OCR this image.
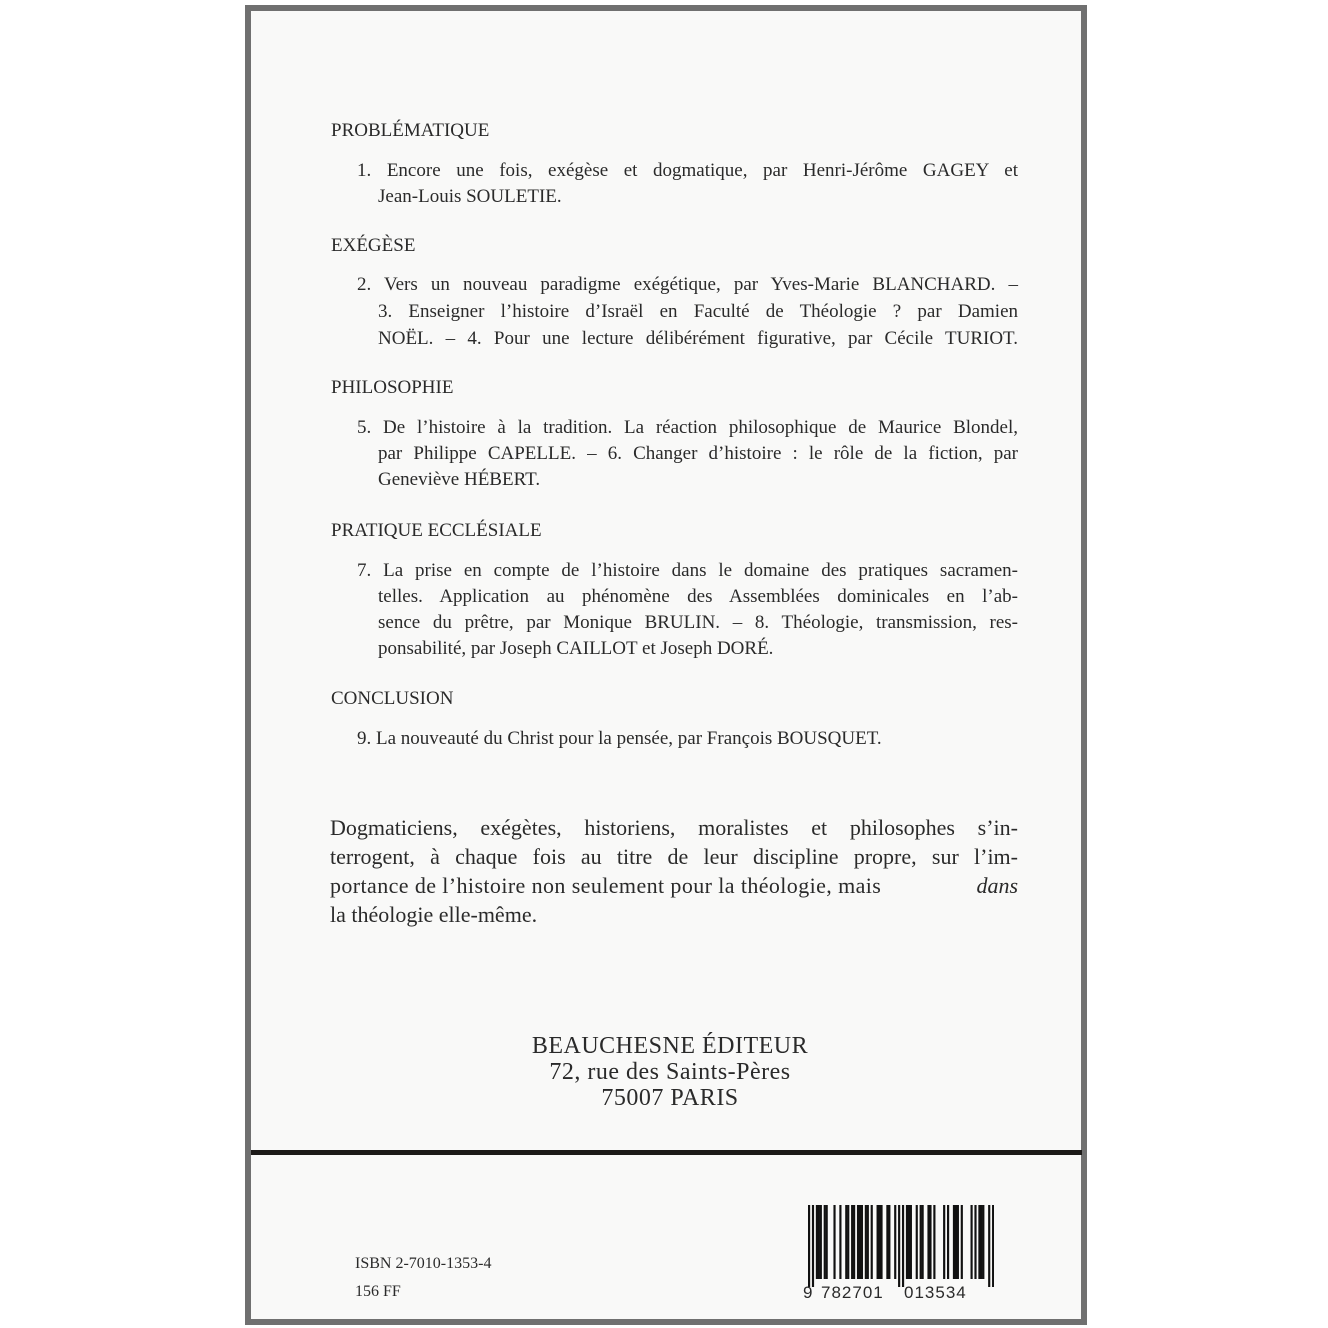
PROBLÉMATIQUE
1. Encore une fois, exégèse et dogmatique, par Henri-Jérôme GAGEY et
Jean-Louis SOULETIE.
EXÉGÈSE
2. Vers un nouveau paradigme exégétique, par Yves-Marie BLANCHARD. –
3. Enseigner l’histoire d’Israël en Faculté de Théologie ? par Damien
NOËL. – 4. Pour une lecture délibérément figurative, par Cécile TURIOT.
PHILOSOPHIE
5. De l’histoire à la tradition. La réaction philosophique de Maurice Blondel,
par Philippe CAPELLE. – 6. Changer d’histoire : le rôle de la fiction, par
Geneviève HÉBERT.
PRATIQUE ECCLÉSIALE
7. La prise en compte de l’histoire dans le domaine des pratiques sacramen-
telles. Application au phénomène des Assemblées dominicales en l’ab-
sence du prêtre, par Monique BRULIN. – 8. Théologie, transmission, res-
ponsabilité, par Joseph CAILLOT et Joseph DORÉ.
CONCLUSION
9. La nouveauté du Christ pour la pensée, par François BOUSQUET.
Dogmaticiens, exégètes, historiens, moralistes et philosophes s’in-
terrogent, à chaque fois au titre de leur discipline propre, sur l’im-
portance de l’histoire non seulement pour la théologie, mais	dans
la théologie elle-même.
BEAUCHESNE ÉDITEUR
72, rue des Saints-Pères
75007 PARIS
ISBN 2-7010-1353-4
156 FF	9 782701 013534
